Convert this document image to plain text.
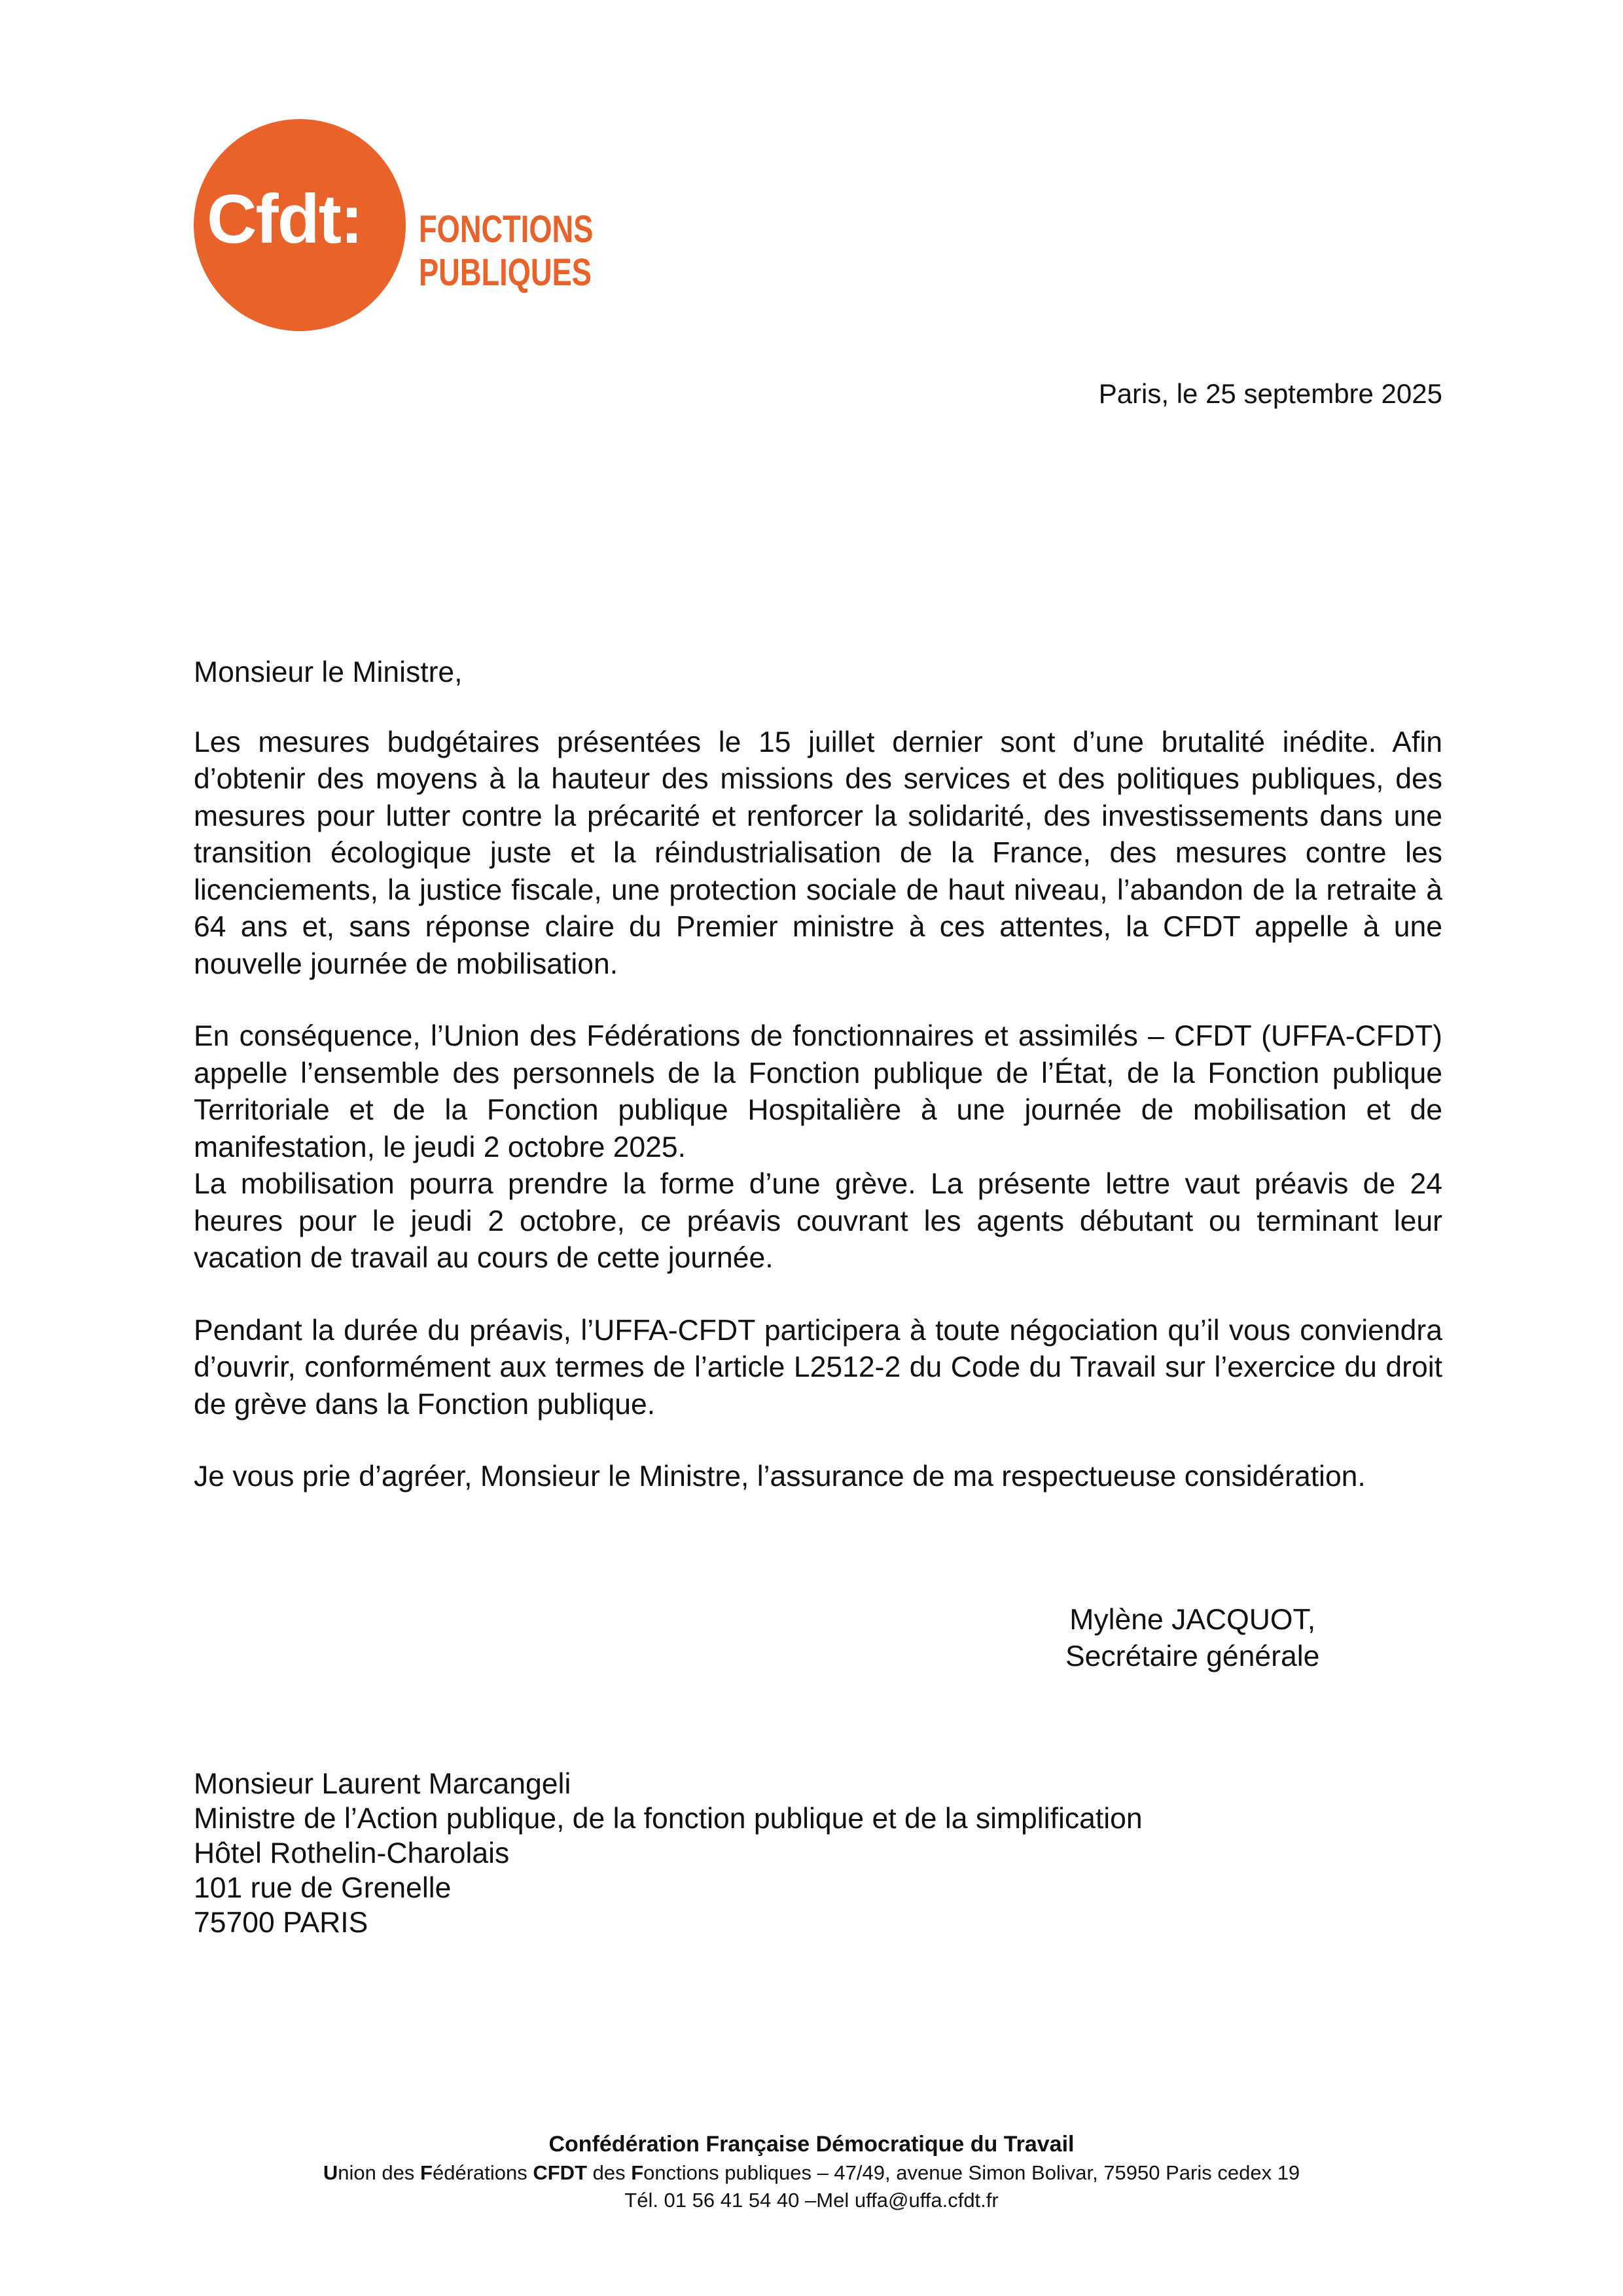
Cfdt: FONCTIONS
PUBLIQUES
Paris, le 25 septembre 2025

Monsieur le Ministre,

Les mesures budgétaires présentées le 15 juillet dernier sont d’une brutalité inédite. Afin d’obtenir des moyens à la hauteur des missions des services et des politiques publiques, des mesures pour lutter contre la précarité et renforcer la solidarité, des investissements dans une transition écologique juste et la réindustrialisation de la France, des mesures contre les licenciements, la justice fiscale, une protection sociale de haut niveau, l’abandon de la retraite à 64 ans et, sans réponse claire du Premier ministre à ces attentes, la CFDT appelle à une nouvelle journée de mobilisation.

En conséquence, l’Union des Fédérations de fonctionnaires et assimilés – CFDT (UFFA-CFDT) appelle l’ensemble des personnels de la Fonction publique de l’État, de la Fonction publique Territoriale et de la Fonction publique Hospitalière à une journée de mobilisation et de manifestation, le jeudi 2 octobre 2025.

La mobilisation pourra prendre la forme d’une grève. La présente lettre vaut préavis de 24 heures pour le jeudi 2 octobre, ce préavis couvrant les agents débutant ou terminant leur vacation de travail au cours de cette journée.

Pendant la durée du préavis, l’UFFA-CFDT participera à toute négociation qu’il vous conviendra d’ouvrir, conformément aux termes de l’article L2512-2 du Code du Travail sur l’exercice du droit de grève dans la Fonction publique.

Je vous prie d’agréer, Monsieur le Ministre, l’assurance de ma respectueuse considération.

Mylène JACQUOT,
Secrétaire générale
Monsieur Laurent Marcangeli
Ministre de l’Action publique, de la fonction publique et de la simplification
Hôtel Rothelin-Charolais
101 rue de Grenelle
75700 PARIS
Confédération Française Démocratique du Travail
Union des Fédérations CFDT des Fonctions publiques – 47/49, avenue Simon Bolivar, 75950 Paris cedex 19
Tél. 01 56 41 54 40 –Mel uffa@uffa.cfdt.fr
